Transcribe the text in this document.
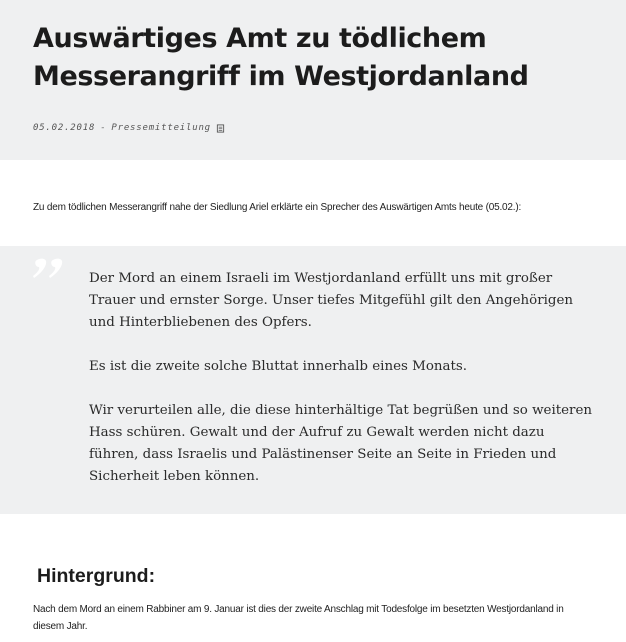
Auswärtiges Amt zu tödlichem Messerangriff im Westjordanland
05.02.2018 - Pressemitteilung
Zu dem tödlichen Messerangriff nahe der Siedlung Ariel erklärte ein Sprecher des Auswärtigen Amts heute (05.02.):

Der Mord an einem Israeli im Westjordanland erfüllt uns mit großer Trauer und ernster Sorge. Unser tiefes Mitgefühl gilt den Angehörigen und Hinterbliebenen des Opfers.

Es ist die zweite solche Bluttat innerhalb eines Monats.

Wir verurteilen alle, die diese hinterhältige Tat begrüßen und so weiteren Hass schüren. Gewalt und der Aufruf zu Gewalt werden nicht dazu führen, dass Israelis und Palästinenser Seite an Seite in Frieden und Sicherheit leben können.

Hintergrund:
Nach dem Mord an einem Rabbiner am 9. Januar ist dies der zweite Anschlag mit Todesfolge im besetzten Westjordanland in diesem Jahr.
